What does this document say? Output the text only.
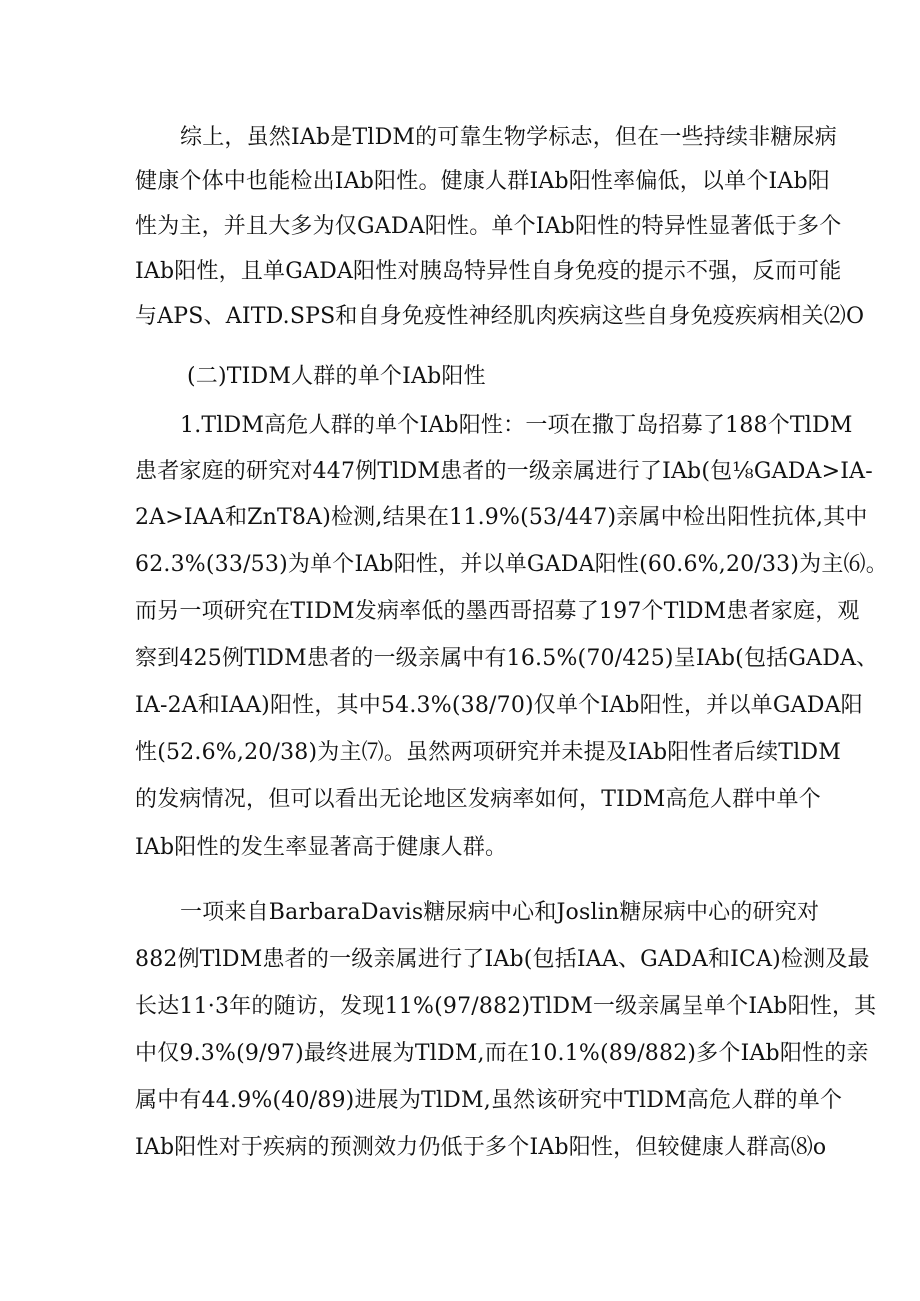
综上，虽然IAb是TlDM的可靠生物学标志，但在一些持续非糖尿病
健康个体中也能检出IAb阳性。健康人群IAb阳性率偏低，以单个IAb阳
性为主，并且大多为仅GADA阳性。单个IAb阳性的特异性显著低于多个
IAb阳性，且单GADA阳性对胰岛特异性自身免疫的提示不强，反而可能
与APS、AITD.SPS和自身免疫性神经肌肉疾病这些自身免疫疾病相关⑵O
(二)TIDM人群的单个IAb阳性
1.TlDM高危人群的单个IAb阳性：一项在撒丁岛招募了188个TlDM
患者家庭的研究对447例TlDM患者的一级亲属进行了IAb(包⅛GADA>IA-
2A>IAA和ZnT8A)检测,结果在11.9%(53/447)亲属中检出阳性抗体,其中
62.3%(33/53)为单个IAb阳性，并以单GADA阳性(60.6%,20/33)为主⑹。
而另一项研究在TIDM发病率低的墨西哥招募了197个TlDM患者家庭，观
察到425例TlDM患者的一级亲属中有16.5%(70/425)呈IAb(包括GADA、
IA-2A和IAA)阳性，其中54.3%(38/70)仅单个IAb阳性，并以单GADA阳
性(52.6%,20/38)为主⑺。虽然两项研究并未提及IAb阳性者后续TlDM
的发病情况，但可以看出无论地区发病率如何，TIDM高危人群中单个
IAb阳性的发生率显著高于健康人群。
一项来自BarbaraDavis糖尿病中心和Joslin糖尿病中心的研究对
882例TlDM患者的一级亲属进行了IAb(包括IAA、GADA和ICA)检测及最
长达11·3年的随访，发现11%(97/882)TlDM一级亲属呈单个IAb阳性，其
中仅9.3%(9/97)最终进展为TlDM,而在10.1%(89/882)多个IAb阳性的亲
属中有44.9%(40/89)进展为TlDM,虽然该研究中TlDM高危人群的单个
IAb阳性对于疾病的预测效力仍低于多个IAb阳性，但较健康人群高⑻o
